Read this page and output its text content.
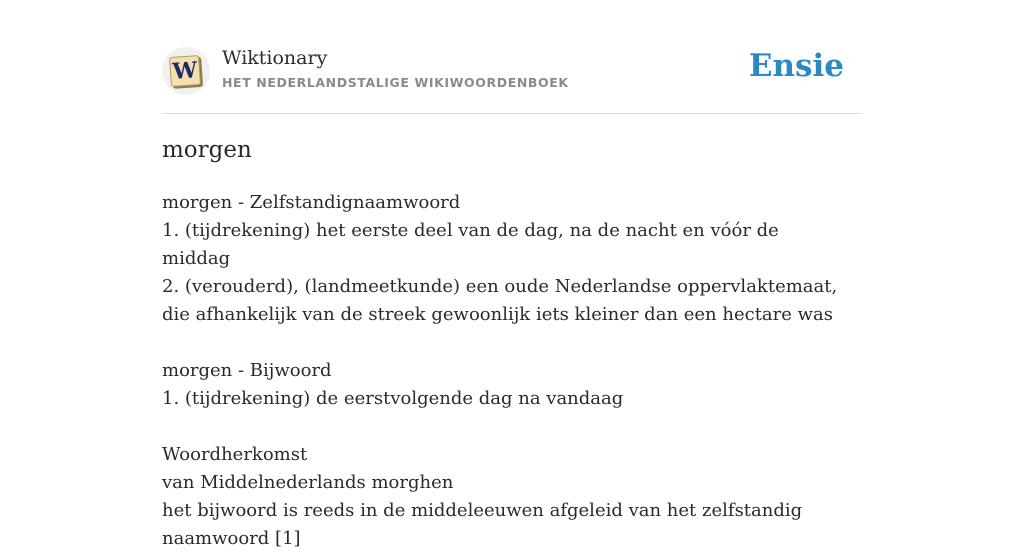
W Wiktionary
HET NEDERLANDSTALIGE WIKIWOORDENBOEK	Ensie
morgen

morgen - Zelfstandignaamwoord

1. (tijdrekening) het eerste deel van de dag, na de nacht en vóór de middag

2. (verouderd), (landmeetkunde) een oude Nederlandse oppervlaktemaat, die afhankelijk van de streek gewoonlijk iets kleiner dan een hectare was

morgen - Bijwoord

1. (tijdrekening) de eerstvolgende dag na vandaag

Woordherkomst

van Middelnederlands morghen

het bijwoord is reeds in de middeleeuwen afgeleid van het zelfstandig naamwoord [1]
